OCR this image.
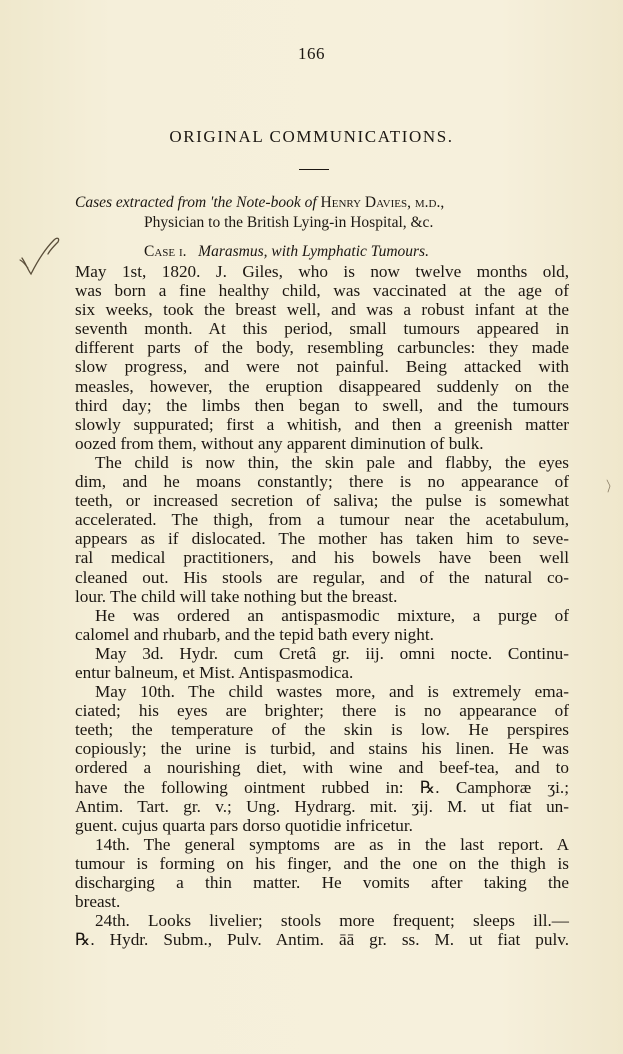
166
ORIGINAL COMMUNICATIONS.
Cases extracted from 'the Note-book of Henry Davies, m.d.,
Physician to the British Lying-in Hospital, &c.
Case i. Marasmus, with Lymphatic Tumours.
May 1st, 1820. J. Giles, who is now twelve months old,
was born a fine healthy child, was vaccinated at the age of
six weeks, took the breast well, and was a robust infant at the
seventh month. At this period, small tumours appeared in
different parts of the body, resembling carbuncles: they made
slow progress, and were not painful. Being attacked with
measles, however, the eruption disappeared suddenly on the
third day; the limbs then began to swell, and the tumours
slowly suppurated; first a whitish, and then a greenish matter
oozed from them, without any apparent diminution of bulk.
The child is now thin, the skin pale and flabby, the eyes
dim, and he moans constantly; there is no appearance of
teeth, or increased secretion of saliva; the pulse is somewhat
accelerated. The thigh, from a tumour near the acetabulum,
appears as if dislocated. The mother has taken him to seve-
ral medical practitioners, and his bowels have been well
cleaned out. His stools are regular, and of the natural co-
lour. The child will take nothing but the breast.
He was ordered an antispasmodic mixture, a purge of
calomel and rhubarb, and the tepid bath every night.
May 3d. Hydr. cum Cretâ gr. iij. omni nocte. Continu-
entur balneum, et Mist. Antispasmodica.
May 10th. The child wastes more, and is extremely ema-
ciated; his eyes are brighter; there is no appearance of
teeth; the temperature of the skin is low. He perspires
copiously; the urine is turbid, and stains his linen. He was
ordered a nourishing diet, with wine and beef-tea, and to
have the following ointment rubbed in: ℞. Camphoræ ʒi.;
Antim. Tart. gr. v.; Ung. Hydrarg. mit. ʒij. M. ut fiat un-
guent. cujus quarta pars dorso quotidie infricetur.
14th. The general symptoms are as in the last report. A
tumour is forming on his finger, and the one on the thigh is
discharging a thin matter. He vomits after taking the
breast.
24th. Looks livelier; stools more frequent; sleeps ill.—
℞. Hydr. Subm., Pulv. Antim. āā gr. ss. M. ut fiat pulv.
